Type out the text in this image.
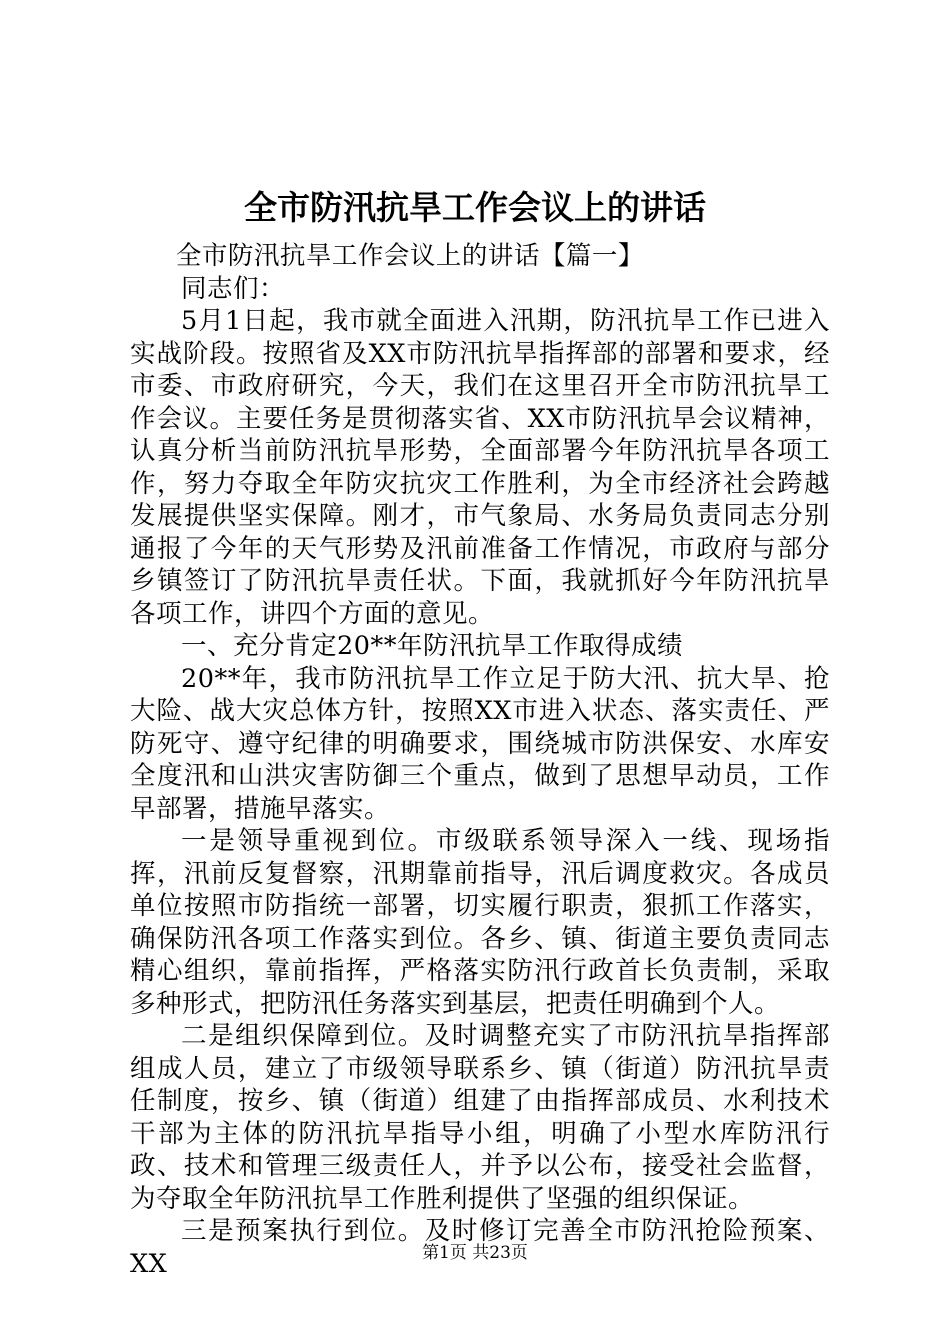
全市防汛抗旱工作会议上的讲话

全市防汛抗旱工作会议上的讲话【篇一】

同志们：

5月1日起，我市就全面进入汛期，防汛抗旱工作已进入实战阶段。按照省及XX市防汛抗旱指挥部的部署和要求，经市委、市政府研究，今天，我们在这里召开全市防汛抗旱工作会议。主要任务是贯彻落实省、XX市防汛抗旱会议精神，认真分析当前防汛抗旱形势，全面部署今年防汛抗旱各项工作，努力夺取全年防灾抗灾工作胜利，为全市经济社会跨越发展提供坚实保障。刚才，市气象局、水务局负责同志分别通报了今年的天气形势及汛前准备工作情况，市政府与部分乡镇签订了防汛抗旱责任状。下面，我就抓好今年防汛抗旱各项工作，讲四个方面的意见。

一、充分肯定20**年防汛抗旱工作取得成绩

20**年，我市防汛抗旱工作立足于防大汛、抗大旱、抢大险、战大灾总体方针，按照XX市进入状态、落实责任、严防死守、遵守纪律的明确要求，围绕城市防洪保安、水库安全度汛和山洪灾害防御三个重点，做到了思想早动员，工作早部署，措施早落实。

一是领导重视到位。市级联系领导深入一线、现场指挥，汛前反复督察，汛期靠前指导，汛后调度救灾。各成员单位按照市防指统一部署，切实履行职责，狠抓工作落实，确保防汛各项工作落实到位。各乡、镇、街道主要负责同志精心组织，靠前指挥，严格落实防汛行政首长负责制，采取多种形式，把防汛任务落实到基层，把责任明确到个人。

二是组织保障到位。及时调整充实了市防汛抗旱指挥部组成人员，建立了市级领导联系乡、镇（街道）防汛抗旱责任制度，按乡、镇（街道）组建了由指挥部成员、水利技术干部为主体的防汛抗旱指导小组，明确了小型水库防汛行政、技术和管理三级责任人，并予以公布，接受社会监督，为夺取全年防汛抗旱工作胜利提供了坚强的组织保证。

三是预案执行到位。及时修订完善全市防汛抢险预案、XX	第1页 共23页
